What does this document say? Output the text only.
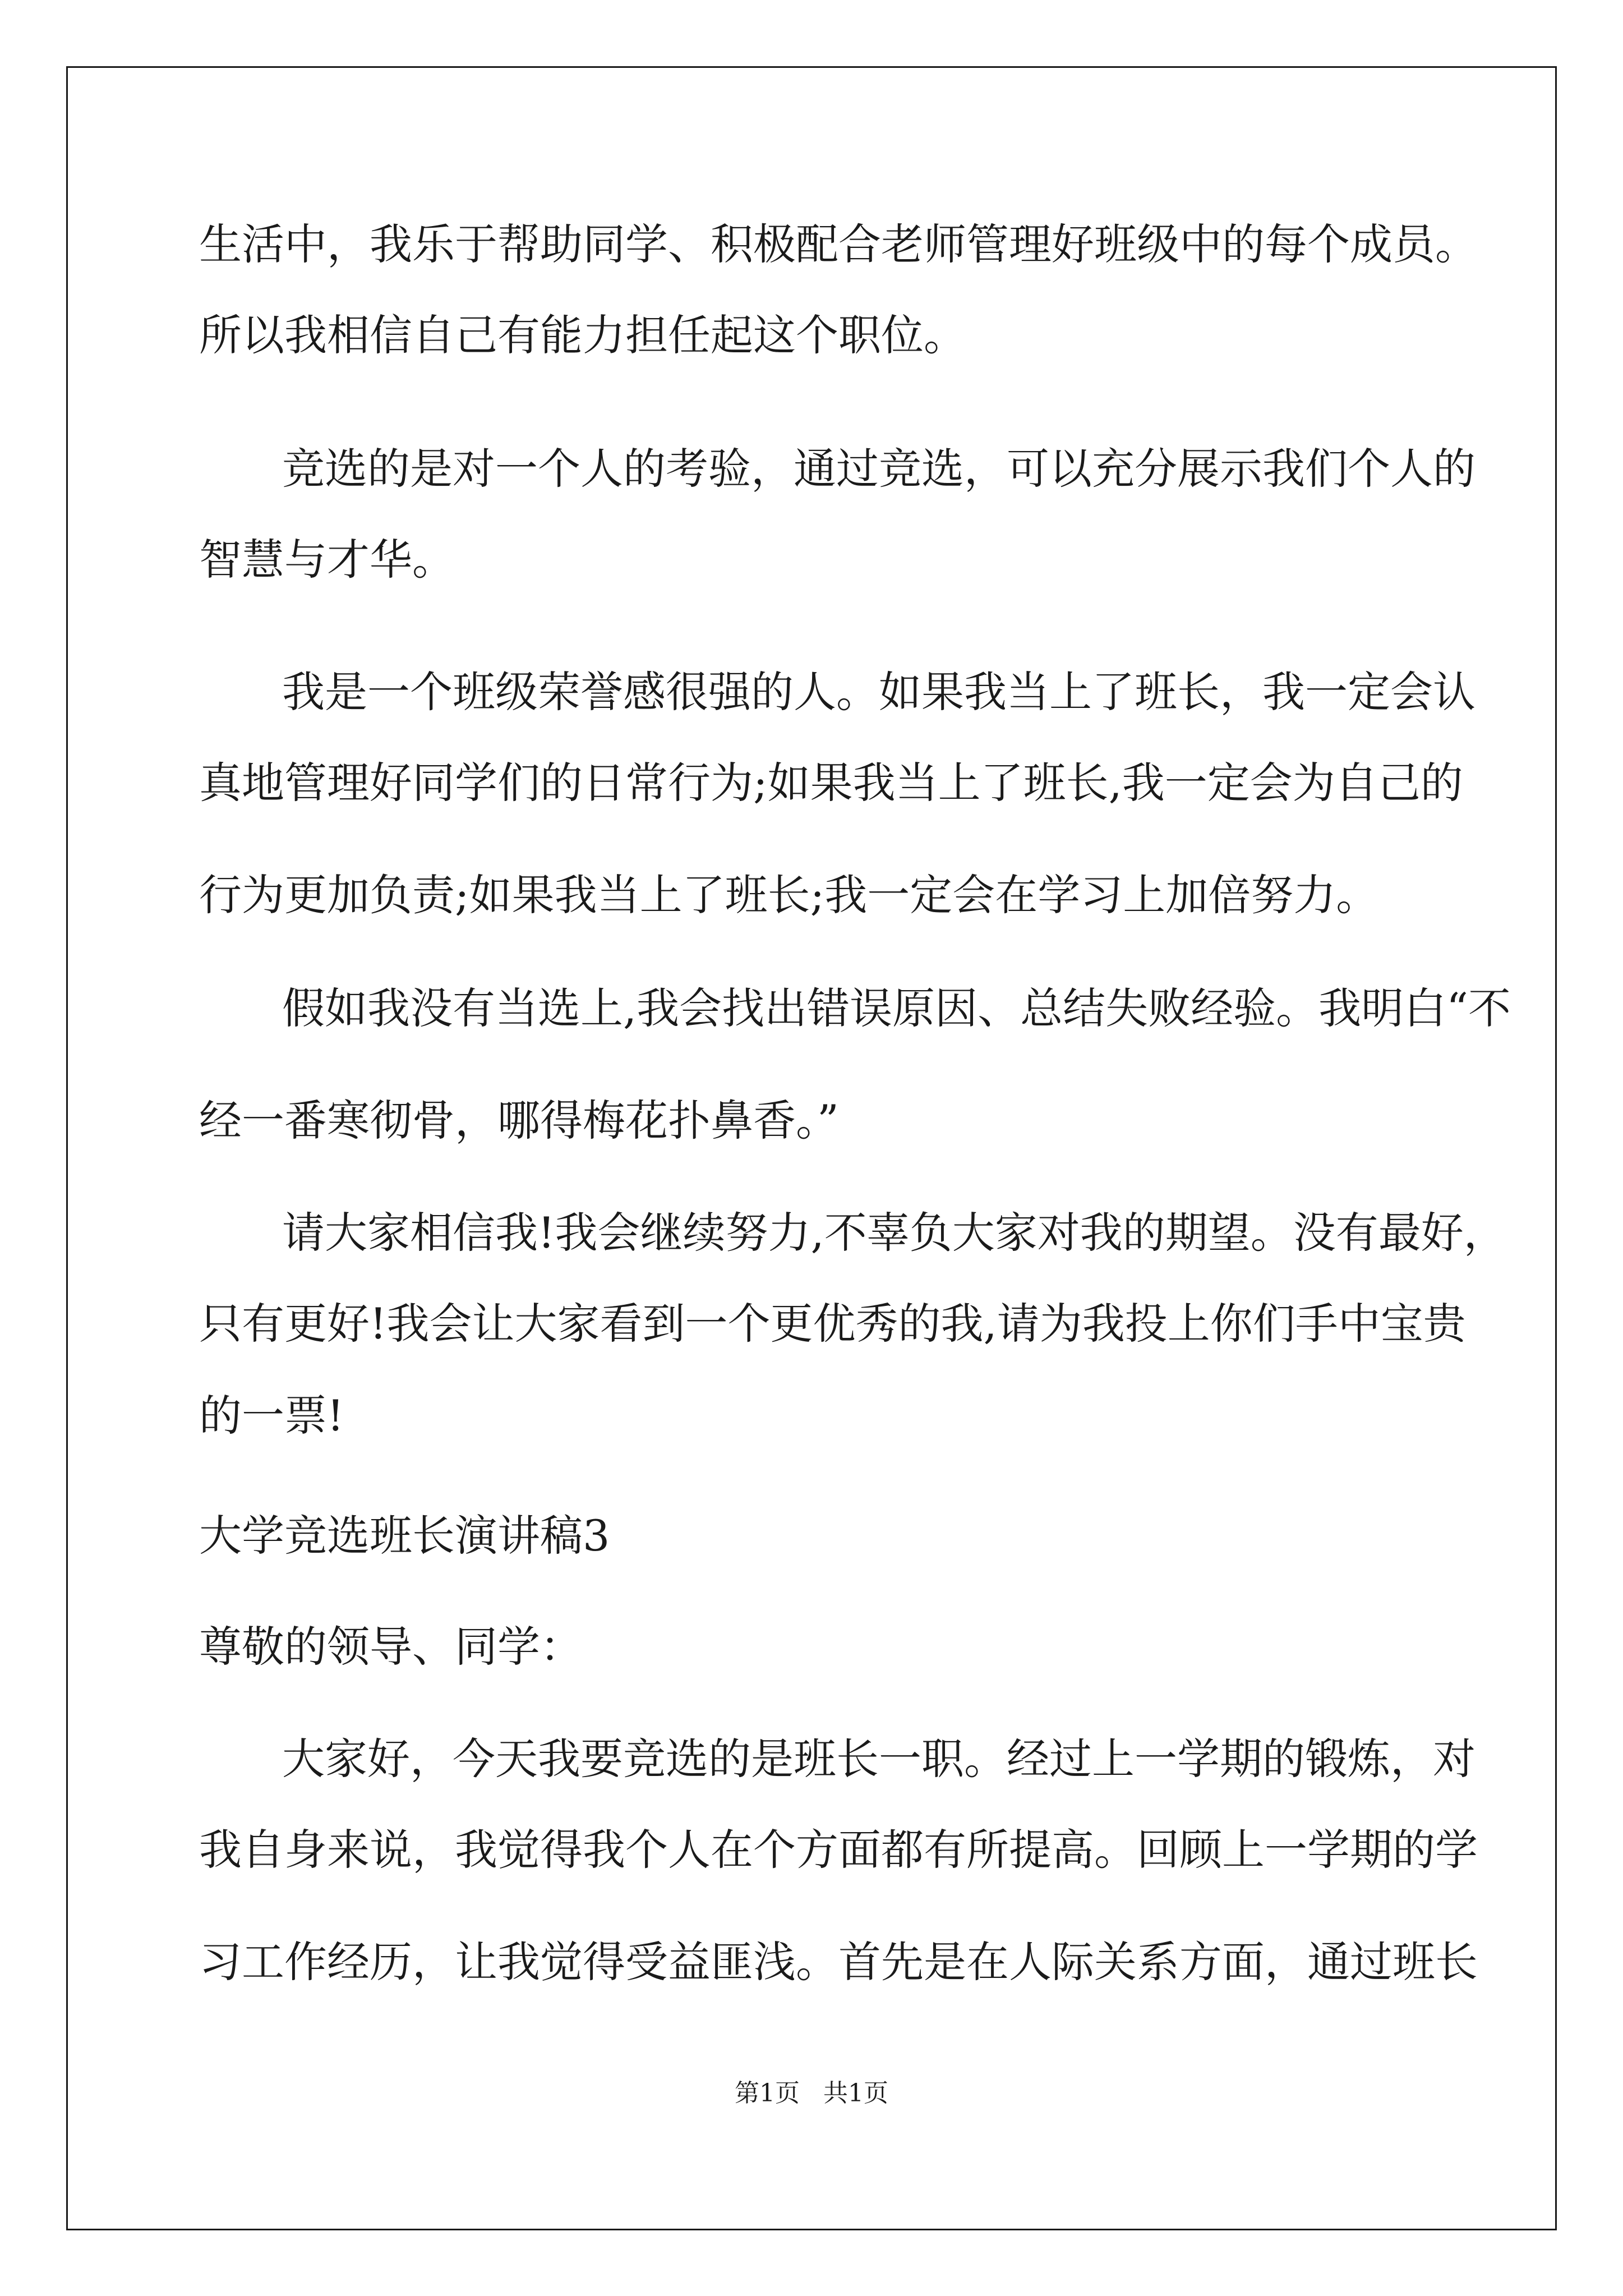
生活中，我乐于帮助同学、积极配合老师管理好班级中的每个成员。
所以我相信自己有能力担任起这个职位。
竞选的是对一个人的考验，通过竞选，可以充分展示我们个人的
智慧与才华。
我是一个班级荣誉感很强的人。如果我当上了班长，我一定会认
真地管理好同学们的日常行为;如果我当上了班长,我一定会为自己的
行为更加负责;如果我当上了班长;我一定会在学习上加倍努力。
假如我没有当选上,我会找出错误原因、总结失败经验。我明白“不
经一番寒彻骨，哪得梅花扑鼻香。”
请大家相信我!我会继续努力,不辜负大家对我的期望。没有最好，
只有更好!我会让大家看到一个更优秀的我,请为我投上你们手中宝贵
的一票!
大学竞选班长演讲稿3
尊敬的领导、同学：
大家好，今天我要竞选的是班长一职。经过上一学期的锻炼，对
我自身来说，我觉得我个人在个方面都有所提高。回顾上一学期的学
习工作经历，让我觉得受益匪浅。首先是在人际关系方面，通过班长
第1页 共1页
